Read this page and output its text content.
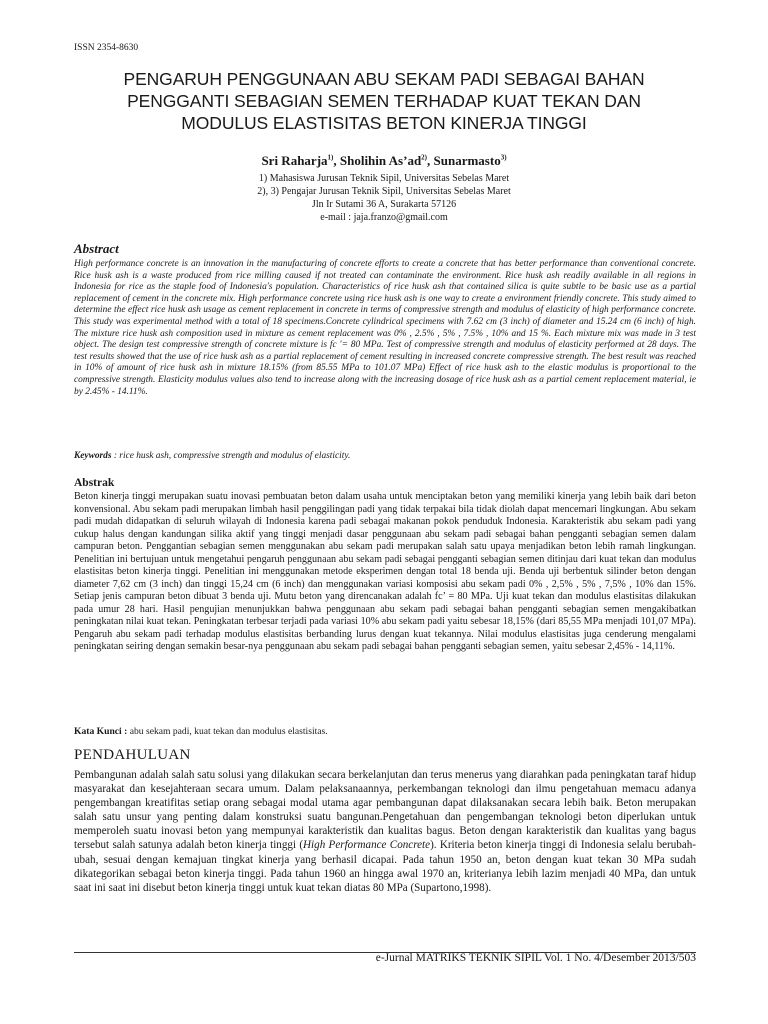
ISSN 2354-8630
PENGARUH PENGGUNAAN ABU SEKAM PADI SEBAGAI BAHAN
PENGGANTI SEBAGIAN SEMEN TERHADAP KUAT TEKAN DAN
MODULUS ELASTISITAS BETON KINERJA TINGGI
Sri Raharja$^{1)}$, Sholihin $As’ad^{2)}$, Sunarmasto$^{3)}$
1) Mahasiswa Jurusan Teknik Sipil, Universitas Sebelas Maret
2), 3) Pengajar Jurusan Teknik Sipil, Universitas Sebelas Maret
Jln Ir Sutami 36 A, Surakarta 57126
e-mail : jaja.franzo@gmail.com
Abstract

High performance concrete is an innovation in the manufacturing of concrete efforts to create a concrete that has better performance than conventional concrete. Rice husk ash is a waste produced from rice milling caused if not treated can contaminate the environment. Rice husk ash readily available in all regions in Indonesia for rice as the staple food of Indonesia's population. Characteristics of rice husk ash that contained silica is quite subtle to be basic use as a partial replacement of cement in the concrete mix. High performance concrete using rice husk ash is one way to create a environment friendly concrete. This study aimed to determine the effect rice husk ash usage as cement replacement in concrete in terms of compressive strength and modulus of elasticity of high performance concrete. This study was experimental method with a total of 18 specimens.Concrete cylindrical specimens with 7.62 cm (3 inch) of diameter and 15.24 cm (6 inch) of high. The mixture rice husk ash composition used in mixture as cement replacement was 0% , 2.5% , 5% , 7.5% , 10% and 15 %. Each mixture mix was made in 3 test object. The design test compressive strength of concrete mixture is fc '= 80 MPa. Test of compressive strength and modulus of elasticity performed at 28 days. The test results showed that the use of rice husk ash as a partial replacement of cement resulting in increased concrete compressive strength. The best result was reached in 10% of amount of rice husk ash in mixture 18.15% (from 85.55 MPa to 101.07 MPa) Effect of rice husk ash to the elastic modulus is proportional to the compressive strength. Elasticity modulus values also tend to increase along with the increasing dosage of rice husk ash as a partial cement replacement material, ie by 2.45% - 14.11%.

Keywords : rice husk ash, compressive strength and modulus of elasticity.
Abstrak

Beton kinerja tinggi merupakan suatu inovasi pembuatan beton dalam usaha untuk menciptakan beton yang memiliki kinerja yang lebih baik dari beton konvensional. Abu sekam padi merupakan limbah hasil penggilingan padi yang tidak terpakai bila tidak diolah dapat mencemari lingkungan. Abu sekam padi mudah didapatkan di seluruh wilayah di Indonesia karena padi sebagai makanan pokok penduduk Indonesia. Karakteristik abu sekam padi yang cukup halus dengan kandungan silika aktif yang tinggi menjadi dasar penggunaan abu sekam padi sebagai bahan pengganti sebagian semen dalam campuran beton. Penggantian sebagian semen menggunakan abu sekam padi merupakan salah satu upaya menjadikan beton lebih ramah lingkungan. Penelitian ini bertujuan untuk mengetahui pengaruh penggunaan abu sekam padi sebagai pengganti sebagian semen ditinjau dari kuat tekan dan modulus elastisitas beton kinerja tinggi. Penelitian ini menggunakan metode eksperimen dengan total 18 benda uji. Benda uji berbentuk silinder beton dengan diameter 7,62 cm (3 inch) dan tinggi 15,24 cm (6 inch) dan menggunakan variasi komposisi abu sekam padi 0% , 2,5% , 5% , 7,5% , 10% dan 15%. Setiap jenis campuran beton dibuat 3 benda uji. Mutu beton yang direncanakan adalah fc’ = 80 MPa. Uji kuat tekan dan modulus elastisitas dilakukan pada umur 28 hari. Hasil pengujian menunjukkan bahwa penggunaan abu sekam padi sebagai bahan pengganti sebagian semen mengakibatkan peningkatan nilai kuat tekan. Peningkatan terbesar terjadi pada variasi 10% abu sekam padi yaitu sebesar 18,15% (dari 85,55 MPa menjadi 101,07 MPa). Pengaruh abu sekam padi terhadap modulus elastisitas berbanding lurus dengan kuat tekannya. Nilai modulus elastisitas juga cenderung mengalami peningkatan seiring dengan semakin besar-nya penggunaan abu sekam padi sebagai bahan pengganti sebagian semen, yaitu sebesar 2,45% - 14,11%.

Kata Kunci : abu sekam padi, kuat tekan dan modulus elastisitas.
PENDAHULUAN

Pembangunan adalah salah satu solusi yang dilakukan secara berkelanjutan dan terus menerus yang diarahkan pada peningkatan taraf hidup masyarakat dan kesejahteraan secara umum. Dalam pelaksanaannya, perkembangan teknologi dan ilmu pengetahuan memacu adanya pengembangan kreatifitas setiap orang sebagai modal utama agar pembangunan dapat dilaksanakan secara lebih baik. Beton merupakan salah satu unsur yang penting dalam konstruksi suatu bangunan.Pengetahuan dan pengembangan teknologi beton diperlukan untuk memperoleh suatu inovasi beton yang mempunyai karakteristik dan kualitas bagus. Beton dengan karakteristik dan kualitas yang bagus tersebut salah satunya adalah beton kinerja tinggi (High Performance Concrete). Kriteria beton kinerja tinggi di Indonesia selalu berubah-ubah, sesuai dengan kemajuan tingkat kinerja yang berhasil dicapai. Pada tahun 1950 an, beton dengan kuat tekan 30 MPa sudah dikategorikan sebagai beton kinerja tinggi. Pada tahun 1960 an hingga awal 1970 an, kriterianya lebih lazim menjadi 40 MPa, dan untuk saat ini saat ini disebut beton kinerja tinggi untuk kuat tekan diatas 80 MPa (Supartono,1998).

e-Jurnal MATRIKS TEKNIK SIPIL Vol. 1 No. 4/Desember 2013/503
